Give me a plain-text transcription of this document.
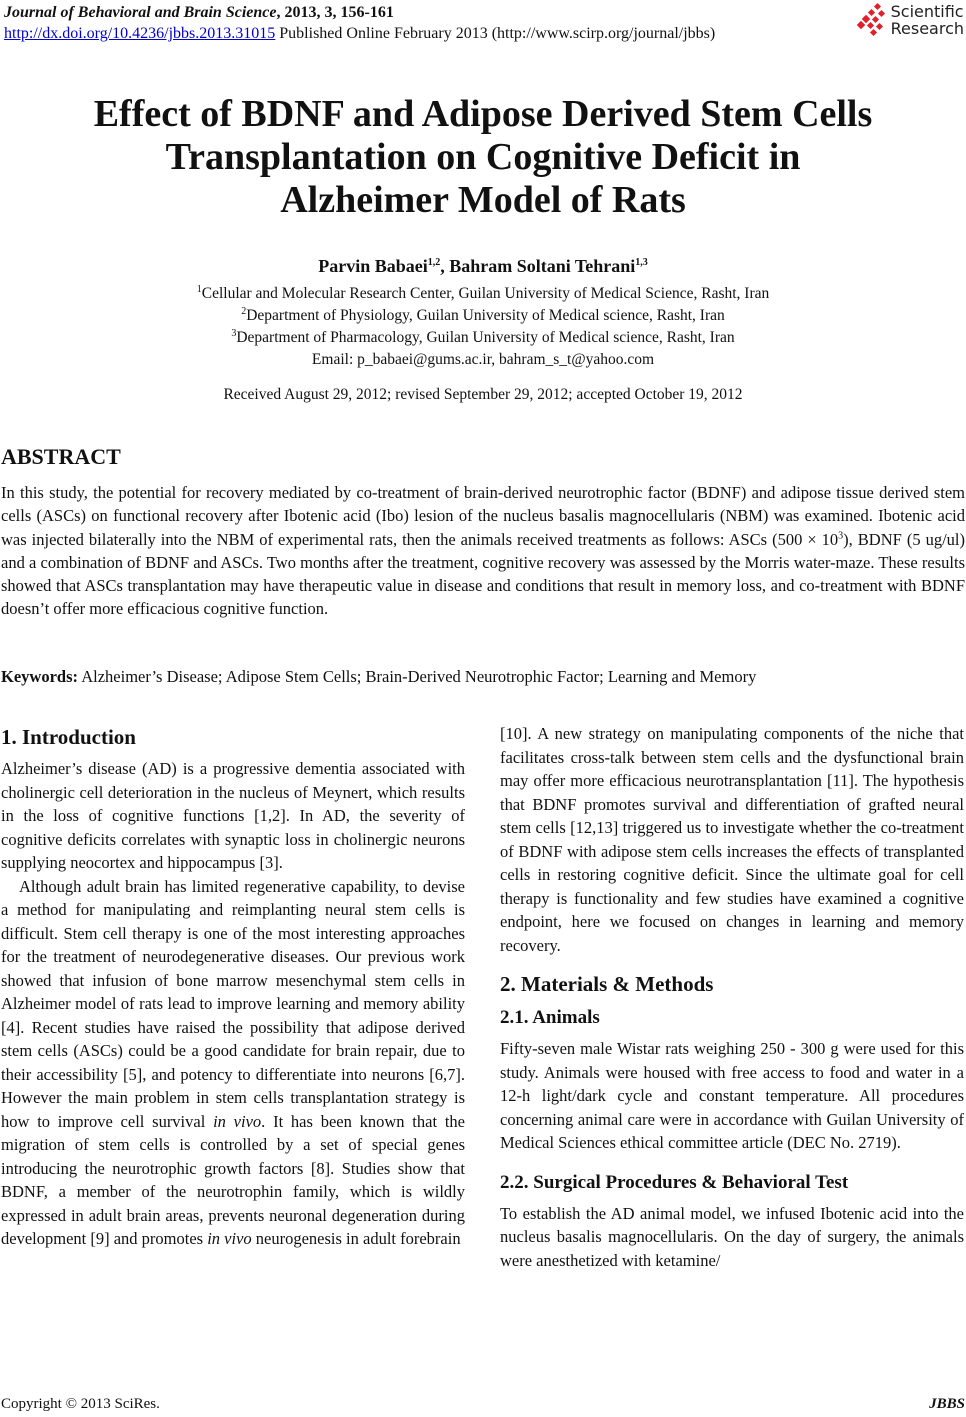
Journal of Behavioral and Brain Science, 2013, 3, 156-161
http://dx.doi.org/10.4236/jbbs.2013.31015 Published Online February 2013 (http://www.scirp.org/journal/jbbs)
Scientific
Research
Effect of BDNF and Adipose Derived Stem Cells
Transplantation on Cognitive Deficit in
Alzheimer Model of Rats
Parvin Babaei$^{1,2}$, Bahram Soltani Tehrani$^{1,3}$
$^1$Cellular and Molecular Research Center, Guilan University of Medical Science, Rasht, Iran
$^2$Department of Physiology, Guilan University of Medical science, Rasht, Iran
$^3$Department of Pharmacology, Guilan University of Medical science, Rasht, Iran
Email: p_babaei@gums.ac.ir, bahram_s_t@yahoo.com
Received August 29, 2012; revised September 29, 2012; accepted October 19, 2012
ABSTRACT
In this study, the potential for recovery mediated by co-treatment of brain-derived neurotrophic factor (BDNF) and adipose tissue derived stem cells (ASCs) on functional recovery after Ibotenic acid (Ibo) lesion of the nucleus basalis magnocellularis (NBM) was examined. Ibotenic acid was injected bilaterally into the NBM of experimental rats, then the animals received treatments as follows: ASCs $(500 \times 10^3)$, BDNF (5 ug/ul) and a combination of BDNF and ASCs. Two months after the treatment, cognitive recovery was assessed by the Morris water-maze. These results showed that ASCs transplantation may have therapeutic value in disease and conditions that result in memory loss, and co-treatment with BDNF doesn’t offer more efficacious cognitive function.
Keywords: Alzheimer’s Disease; Adipose Stem Cells; Brain-Derived Neurotrophic Factor; Learning and Memory
1. Introduction

Alzheimer’s disease (AD) is a progressive dementia associated with cholinergic cell deterioration in the nucleus of Meynert, which results in the loss of cognitive functions [1,2]. In AD, the severity of cognitive deficits correlates with synaptic loss in cholinergic neurons supplying neocortex and hippocampus [3].

Although adult brain has limited regenerative capability, to devise a method for manipulating and reimplanting neural stem cells is difficult. Stem cell therapy is one of the most interesting approaches for the treatment of neurodegenerative diseases. Our previous work showed that infusion of bone marrow mesenchymal stem cells in Alzheimer model of rats lead to improve learning and memory ability [4]. Recent studies have raised the possibility that adipose derived stem cells (ASCs) could be a good candidate for brain repair, due to their accessibility [5], and potency to differentiate into neurons [6,7]. However the main problem in stem cells transplantation strategy is how to improve cell survival in vivo. It has been known that the migration of stem cells is controlled by a set of special genes introducing the neurotrophic growth factors [8]. Studies show that BDNF, a member of the neurotrophin family, which is wildly expressed in adult brain areas, prevents neuronal degeneration during development [9] and promotes in vivo neurogenesis in adult forebrain

[10]. A new strategy on manipulating components of the niche that facilitates cross-talk between stem cells and the dysfunctional brain may offer more efficacious neurotransplantation [11]. The hypothesis that BDNF promotes survival and differentiation of grafted neural stem cells [12,13] triggered us to investigate whether the co-treatment of BDNF with adipose stem cells increases the effects of transplanted cells in restoring cognitive deficit. Since the ultimate goal for cell therapy is functionality and few studies have examined a cognitive endpoint, here we focused on changes in learning and memory recovery.

2. Materials & Methods
2.1. Animals

Fifty-seven male Wistar rats weighing 250 - 300 g were used for this study. Animals were housed with free access to food and water in a 12-h light/dark cycle and constant temperature. All procedures concerning animal care were in accordance with Guilan University of Medical Sciences ethical committee article (DEC No. 2719).

2.2. Surgical Procedures & Behavioral Test

To establish the AD animal model, we infused Ibotenic acid into the nucleus basalis magnocellularis. On the day of surgery, the animals were anesthetized with ketamine/

Copyright © 2013 SciRes.	JBBS
